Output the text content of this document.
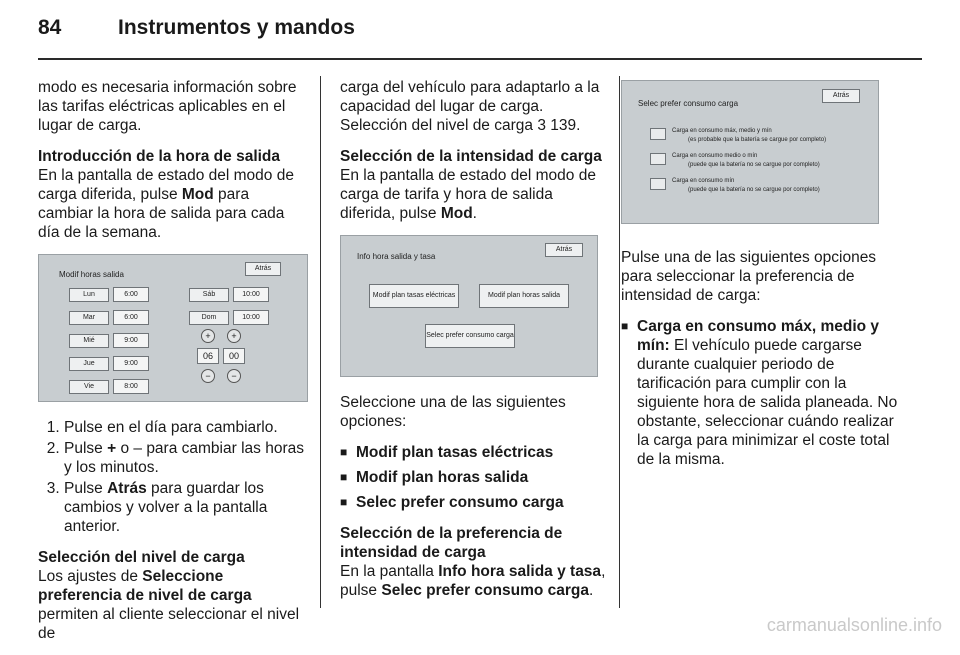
84	Instrumentos y mandos

modo es necesaria información sobre las tarifas eléctricas aplicables en el lugar de carga.

Introducción de la hora de salida
En la pantalla de estado del modo de carga diferida, pulse Mod para cambiar la hora de salida para cada día de la semana.

Modif horas salida
Atrás
Lun	6:00
Mar	6:00
Mié	9:00
Jue	9:00
Vie	8:00
Sáb	10:00
Dom	10:00
+
06
−
+
00
−
1. Pulse en el día para cambiarlo.
2. Pulse + o – para cambiar las horas y los minutos.
3. Pulse Atrás para guardar los cambios y volver a la pantalla anterior.

Selección del nivel de carga
Los ajustes de Seleccione preferencia de nivel de carga permiten al cliente seleccionar el nivel de

carga del vehículo para adaptarlo a la capacidad del lugar de carga. Selección del nivel de carga 3 139.

Selección de la intensidad de carga
En la pantalla de estado del modo de carga de tarifa y hora de salida diferida, pulse Mod.

Info hora salida y tasa
Atrás
Modif plan tasas eléctricas	Modif plan horas salida
Selec prefer consumo carga

Seleccione una de las siguientes opciones:

■ Modif plan tasas eléctricas
■ Modif plan horas salida
■ Selec prefer consumo carga

Selección de la preferencia de intensidad de carga
En la pantalla Info hora salida y tasa, pulse Selec prefer consumo carga.

Selec prefer consumo carga
Atrás
Carga en consumo máx, medio y mín
(es probable que la batería se cargue por completo)
Carga en consumo medio o mín
(puede que la batería no se cargue por completo)
Carga en consumo mín
(puede que la batería no se cargue por completo)

Pulse una de las siguientes opciones para seleccionar la preferencia de intensidad de carga:

■ Carga en consumo máx, medio y mín: El vehículo puede cargarse durante cualquier periodo de tarificación para cumplir con la siguiente hora de salida planeada. No obstante, seleccionar cuándo realizar la carga para minimizar el coste total de la misma.
carmanualsonline.info
